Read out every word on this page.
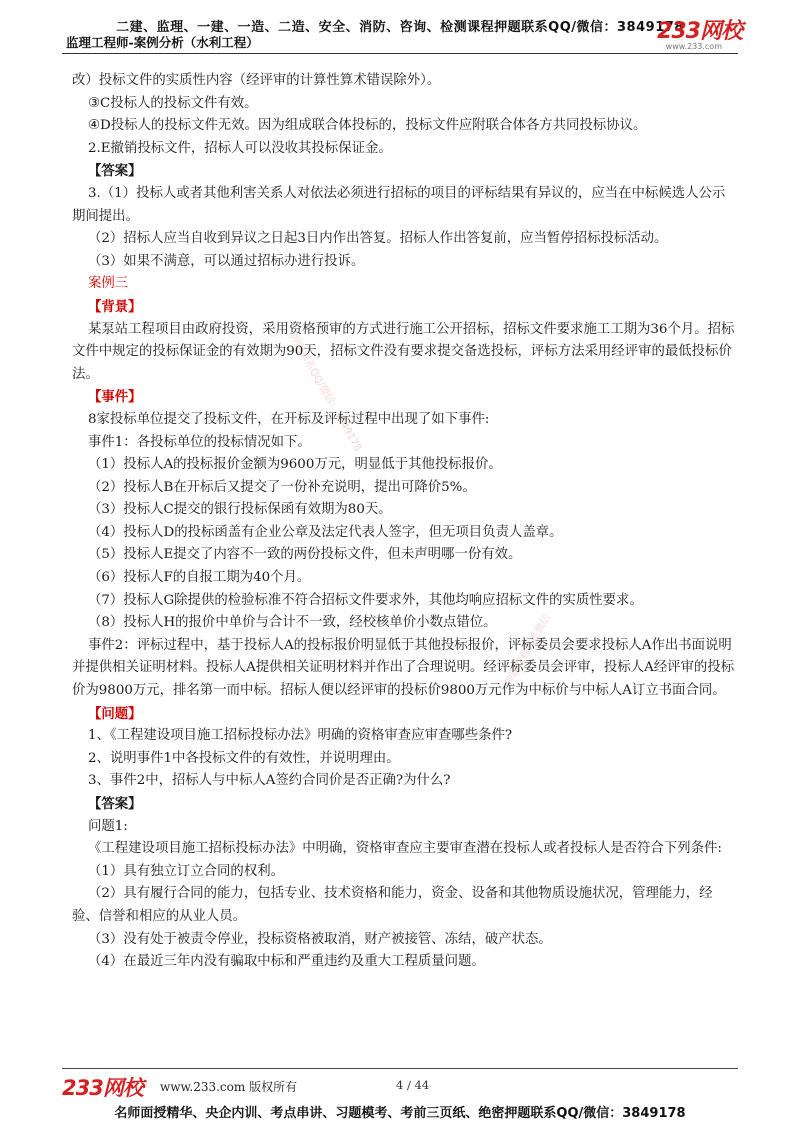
二建、监理、一建、一造、二造、安全、消防、咨询、检测课程押题联系QQ/微信：3849178
监理工程师-案例分析（水利工程）	233网校
www.233.com
押题联系QQ/微信：3849178
押题课程联系微信

改）投标文件的实质性内容（经评审的计算性算术错误除外）。

③C投标人的投标文件有效。

④D投标人的投标文件无效。因为组成联合体投标的，投标文件应附联合体各方共同投标协议。

2.E撤销投标文件，招标人可以没收其投标保证金。

【答案】

3.（1）投标人或者其他利害关系人对依法必须进行招标的项目的评标结果有异议的，应当在中标候选人公示期间提出。

（2）招标人应当自收到异议之日起3日内作出答复。招标人作出答复前，应当暂停招标投标活动。

（3）如果不满意，可以通过招标办进行投诉。

案例三

【背景】

某泵站工程项目由政府投资，采用资格预审的方式进行施工公开招标，招标文件要求施工工期为36个月。招标文件中规定的投标保证金的有效期为90天，招标文件没有要求提交备选投标，评标方法采用经评审的最低投标价法。

【事件】

8家投标单位提交了投标文件，在开标及评标过程中出现了如下事件:

事件1：各投标单位的投标情况如下。

（1）投标人A的投标报价金额为9600万元，明显低于其他投标报价。

（2）投标人B在开标后又提交了一份补充说明，提出可降价5%。

（3）投标人C提交的银行投标保函有效期为80天。

（4）投标人D的投标函盖有企业公章及法定代表人签字，但无项目负责人盖章。

（5）投标人E提交了内容不一致的两份投标文件，但未声明哪一份有效。

（6）投标人F的自报工期为40个月。

（7）投标人G除提供的检验标准不符合招标文件要求外，其他均响应招标文件的实质性要求。

（8）投标人H的报价中单价与合计不一致，经校核单价小数点错位。

事件2：评标过程中，基于投标人A的投标报价明显低于其他投标报价，评标委员会要求投标人A作出书面说明并提供相关证明材料。投标人A提供相关证明材料并作出了合理说明。经评标委员会评审，投标人A经评审的投标价为9800万元，排名第一而中标。招标人便以经评审的投标价9800万元作为中标价与中标人A订立书面合同。

【问题】

1、《工程建设项目施工招标投标办法》明确的资格审查应审查哪些条件?

2、说明事件1中各投标文件的有效性，并说明理由。

3、事件2中，招标人与中标人A签约合同价是否正确?为什么?

【答案】

问题1:

《工程建设项目施工招标投标办法》中明确，资格审查应主要审查潜在投标人或者投标人是否符合下列条件:

（1）具有独立订立合同的权利。

（2）具有履行合同的能力，包括专业、技术资格和能力，资金、设备和其他物质设施状况，管理能力，经验、信誉和相应的从业人员。

（3）没有处于被责令停业，投标资格被取消，财产被接管、冻结，破产状态。

（4）在最近三年内没有骗取中标和严重违约及重大工程质量问题。

233网校 www.233.com 版权所有	4 / 44
名师面授精华、央企内训、考点串讲、习题模考、考前三页纸、绝密押题联系QQ/微信：3849178
